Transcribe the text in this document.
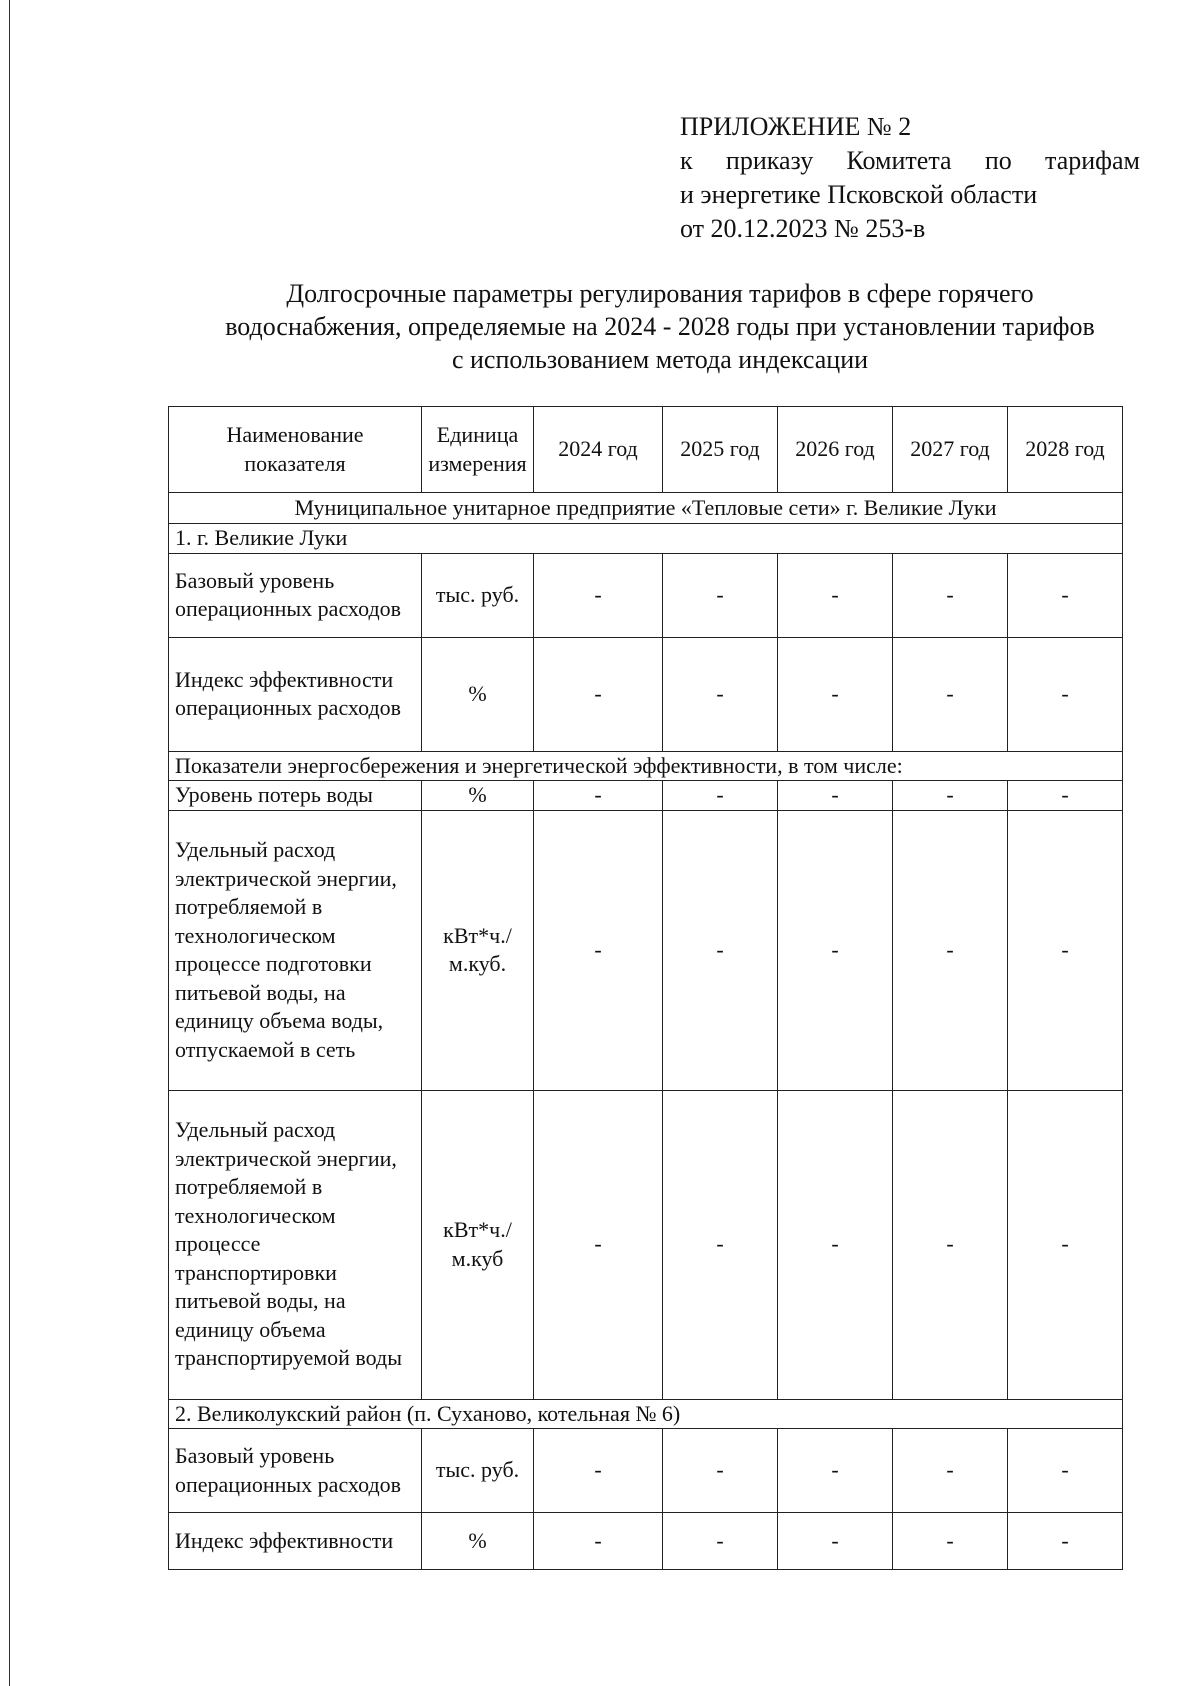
ПРИЛОЖЕНИЕ № 2
к приказу Комитета по тарифам
и энергетике Псковской области
от 20.12.2023 № 253-в
Долгосрочные параметры регулирования тарифов в сфере горячего
водоснабжения, определяемые на 2024 - 2028 годы при установлении тарифов
с использованием метода индексации
Наименование показателя	Единица измерения	2024 год	2025 год	2026 год	2027 год	2028 год
Муниципальное унитарное предприятие «Тепловые сети» г. Великие Луки						
1. г. Великие Луки						
Базовый уровень операционных расходов	тыс. руб.	-	-	-	-	-
Индекс эффективности операционных расходов	%	-	-	-	-	-
Показатели энергосбережения и энергетической эффективности, в том числе:						
Уровень потерь воды	%	-	-	-	-	-
Удельный расход электрической энергии, потребляемой в технологическом процессе подготовки питьевой воды, на единицу объема воды, отпускаемой в сеть	кВт*ч./м.куб.	-	-	-	-	-
Удельный расход электрической энергии, потребляемой в технологическом процессе транспортировки питьевой воды, на единицу объема транспортируемой воды	кВт*ч./м.куб	-	-	-	-	-
2. Великолукский район (п. Суханово, котельная № 6)						
Базовый уровень операционных расходов	тыс. руб.	-	-	-	-	-
Индекс эффективности	%	-	-	-	-	-
